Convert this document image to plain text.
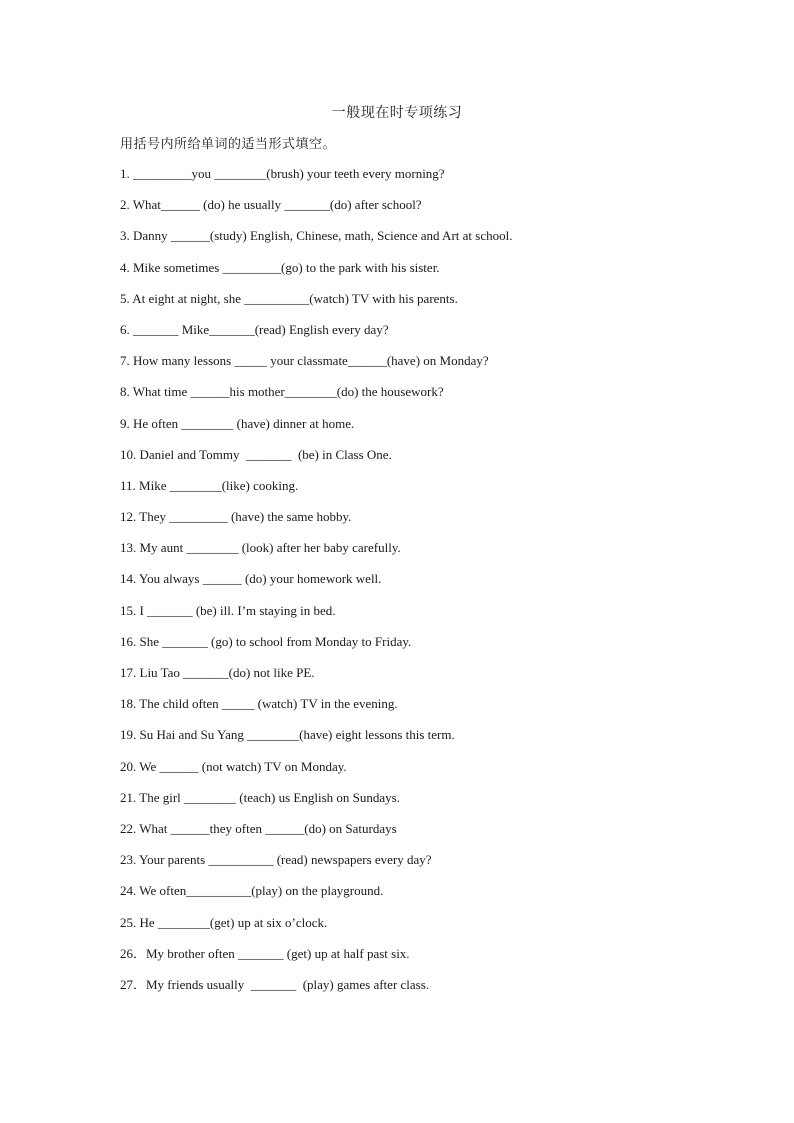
一般现在时专项练习
用括号内所给单词的适当形式填空。
1. _________you ________(brush) your teeth every morning?
2. What______ (do) he usually _______(do) after school?
3. Danny ______(study) English, Chinese, math, Science and Art at school.
4. Mike sometimes _________(go) to the park with his sister.
5. At eight at night, she __________(watch) TV with his parents.
6. _______ Mike_______(read) English every day?
7. How many lessons _____ your classmate______(have) on Monday?
8. What time ______his mother________(do) the housework?
9. He often ________ (have) dinner at home.
10. Daniel and Tommy  _______  (be) in Class One.
11. Mike ________(like) cooking.
12. They _________ (have) the same hobby.
13. My aunt ________ (look) after her baby carefully.
14. You always ______ (do) your homework well.
15. I _______ (be) ill. I’m staying in bed.
16. She _______ (go) to school from Monday to Friday.
17. Liu Tao _______(do) not like PE.
18. The child often _____ (watch) TV in the evening.
19. Su Hai and Su Yang ________(have) eight lessons this term.
20. We ______ (not watch) TV on Monday.
21. The girl ________ (teach) us English on Sundays.
22. What ______they often ______(do) on Saturdays
23. Your parents __________ (read) newspapers every day?
24. We often__________(play) on the playground.
25. He ________(get) up at six o’clock.
26．My brother often _______ (get) up at half past six.
27．My friends usually  _______  (play) games after class.
